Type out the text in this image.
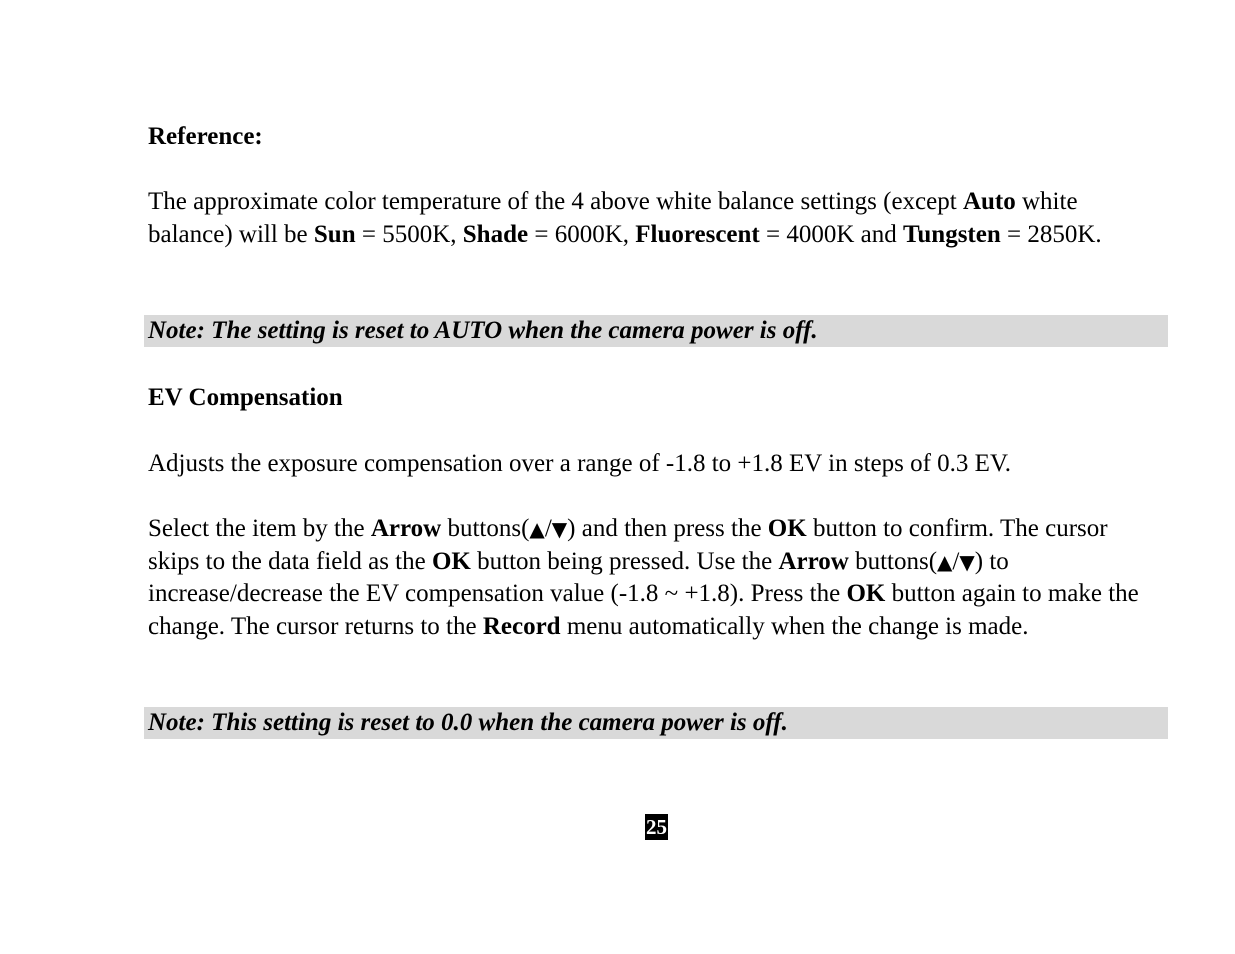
Reference:
The approximate color temperature of the 4 above white balance settings (except Auto white balance) will be Sun = 5500K, Shade = 6000K, Fluorescent = 4000K and Tungsten = 2850K.
Note: The setting is reset to AUTO when the camera power is off.
EV Compensation
Adjusts the exposure compensation over a range of -1.8 to +1.8 EV in steps of 0.3 EV.
Select the item by the Arrow buttons(▲/▼) and then press the OK button to confirm. The cursor skips to the data field as the OK button being pressed. Use the Arrow buttons(▲/▼) to increase/decrease the EV compensation value (-1.8 ~ +1.8). Press the OK button again to make the change. The cursor returns to the Record menu automatically when the change is made.
Note: This setting is reset to 0.0 when the camera power is off.
25
